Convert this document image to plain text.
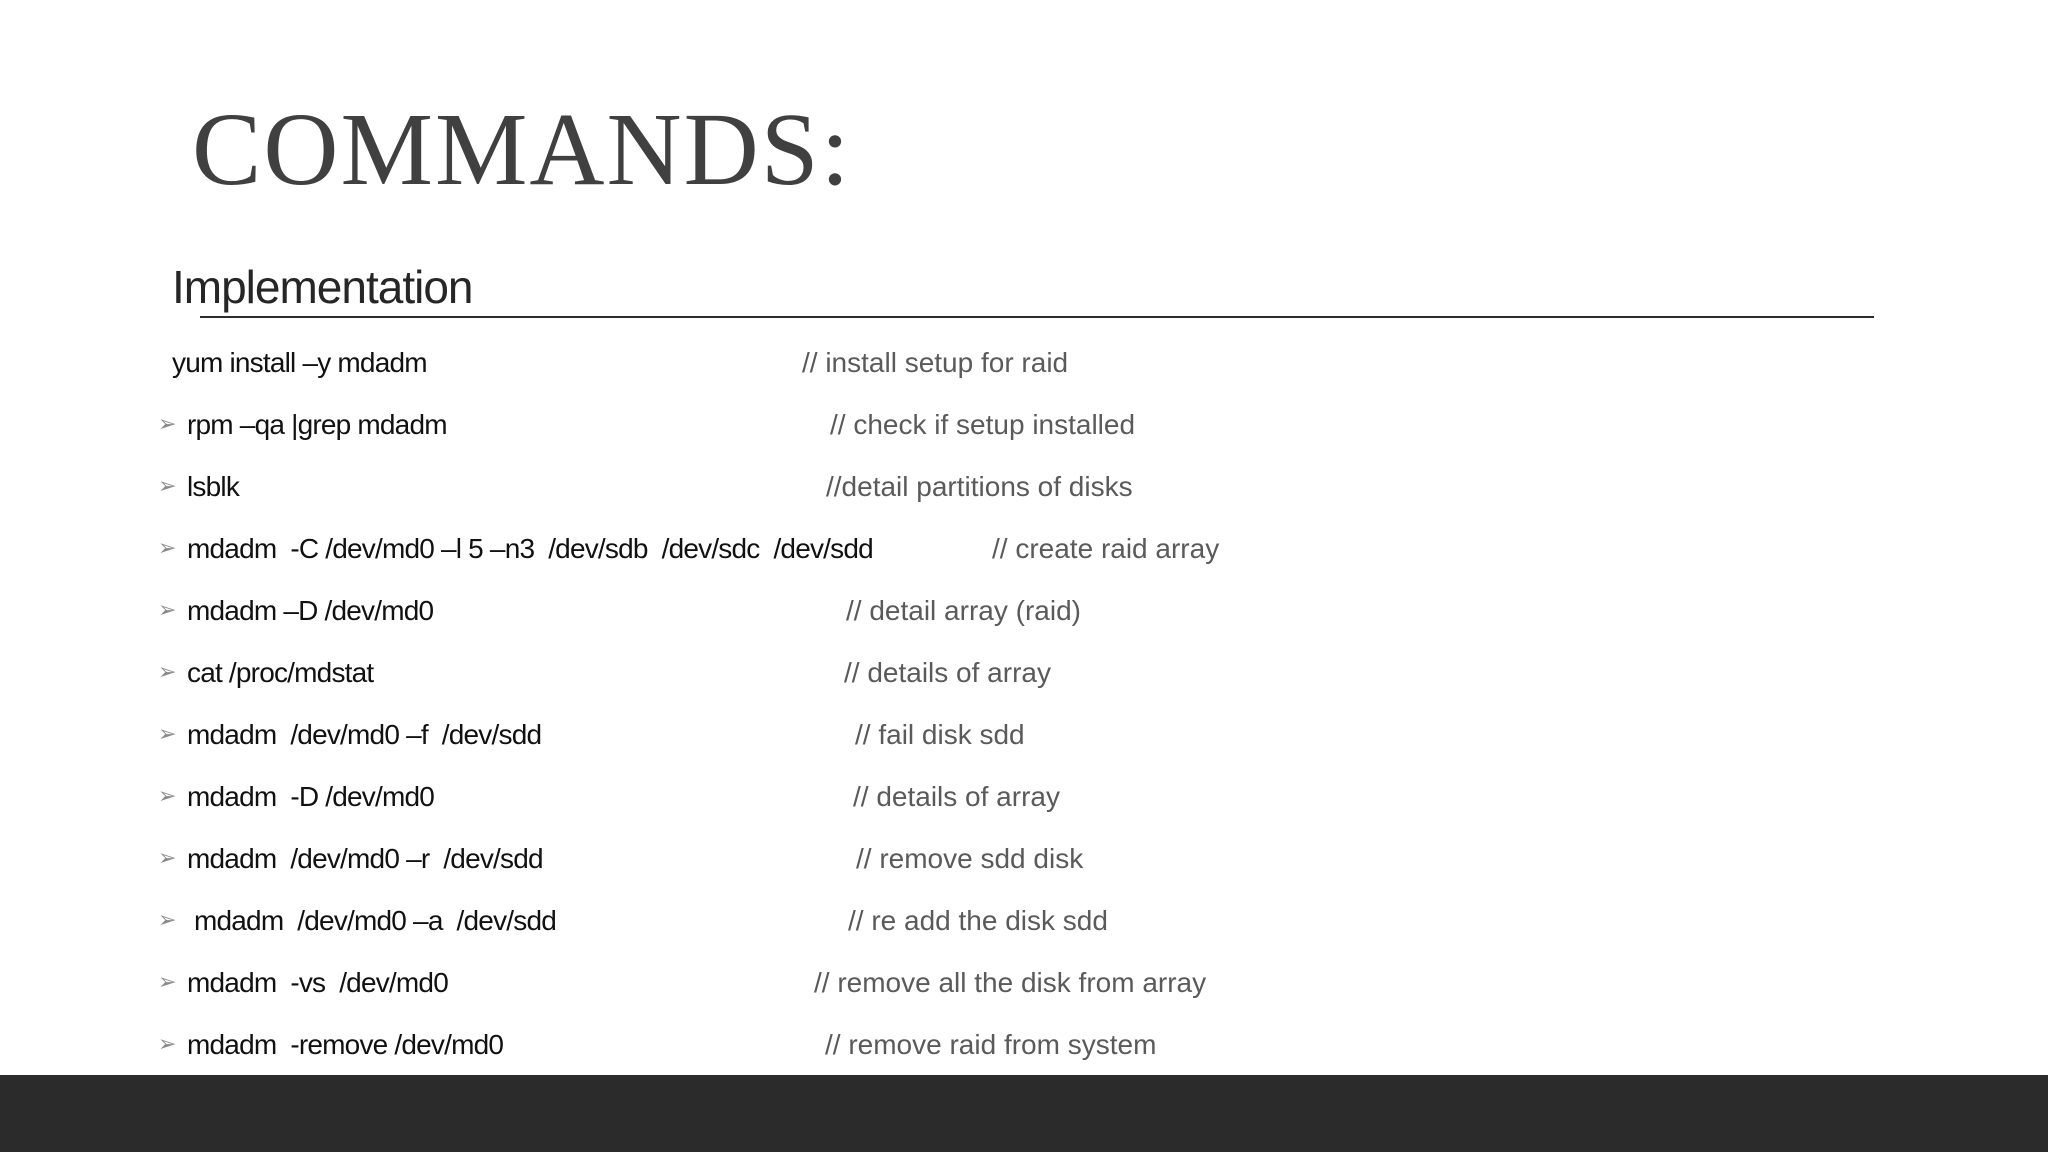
COMMANDS:
Implementation
yum install –y mdadm	// install setup for raid
➢ rpm –qa |grep mdadm	// check if setup installed
➢ lsblk	//detail partitions of disks
➢ mdadm  -C /dev/md0 –l 5 –n3  /dev/sdb  /dev/sdc  /dev/sdd	// create raid array
➢ mdadm –D /dev/md0	// detail array (raid)
➢ cat /proc/mdstat	// details of array
➢ mdadm  /dev/md0 –f  /dev/sdd	// fail disk sdd
➢ mdadm  -D /dev/md0	// details of array
➢ mdadm  /dev/md0 –r  /dev/sdd	// remove sdd disk
➢ mdadm  /dev/md0 –a  /dev/sdd	// re add the disk sdd
➢ mdadm  -vs  /dev/md0	// remove all the disk from array
➢ mdadm  -remove /dev/md0	// remove raid from system
